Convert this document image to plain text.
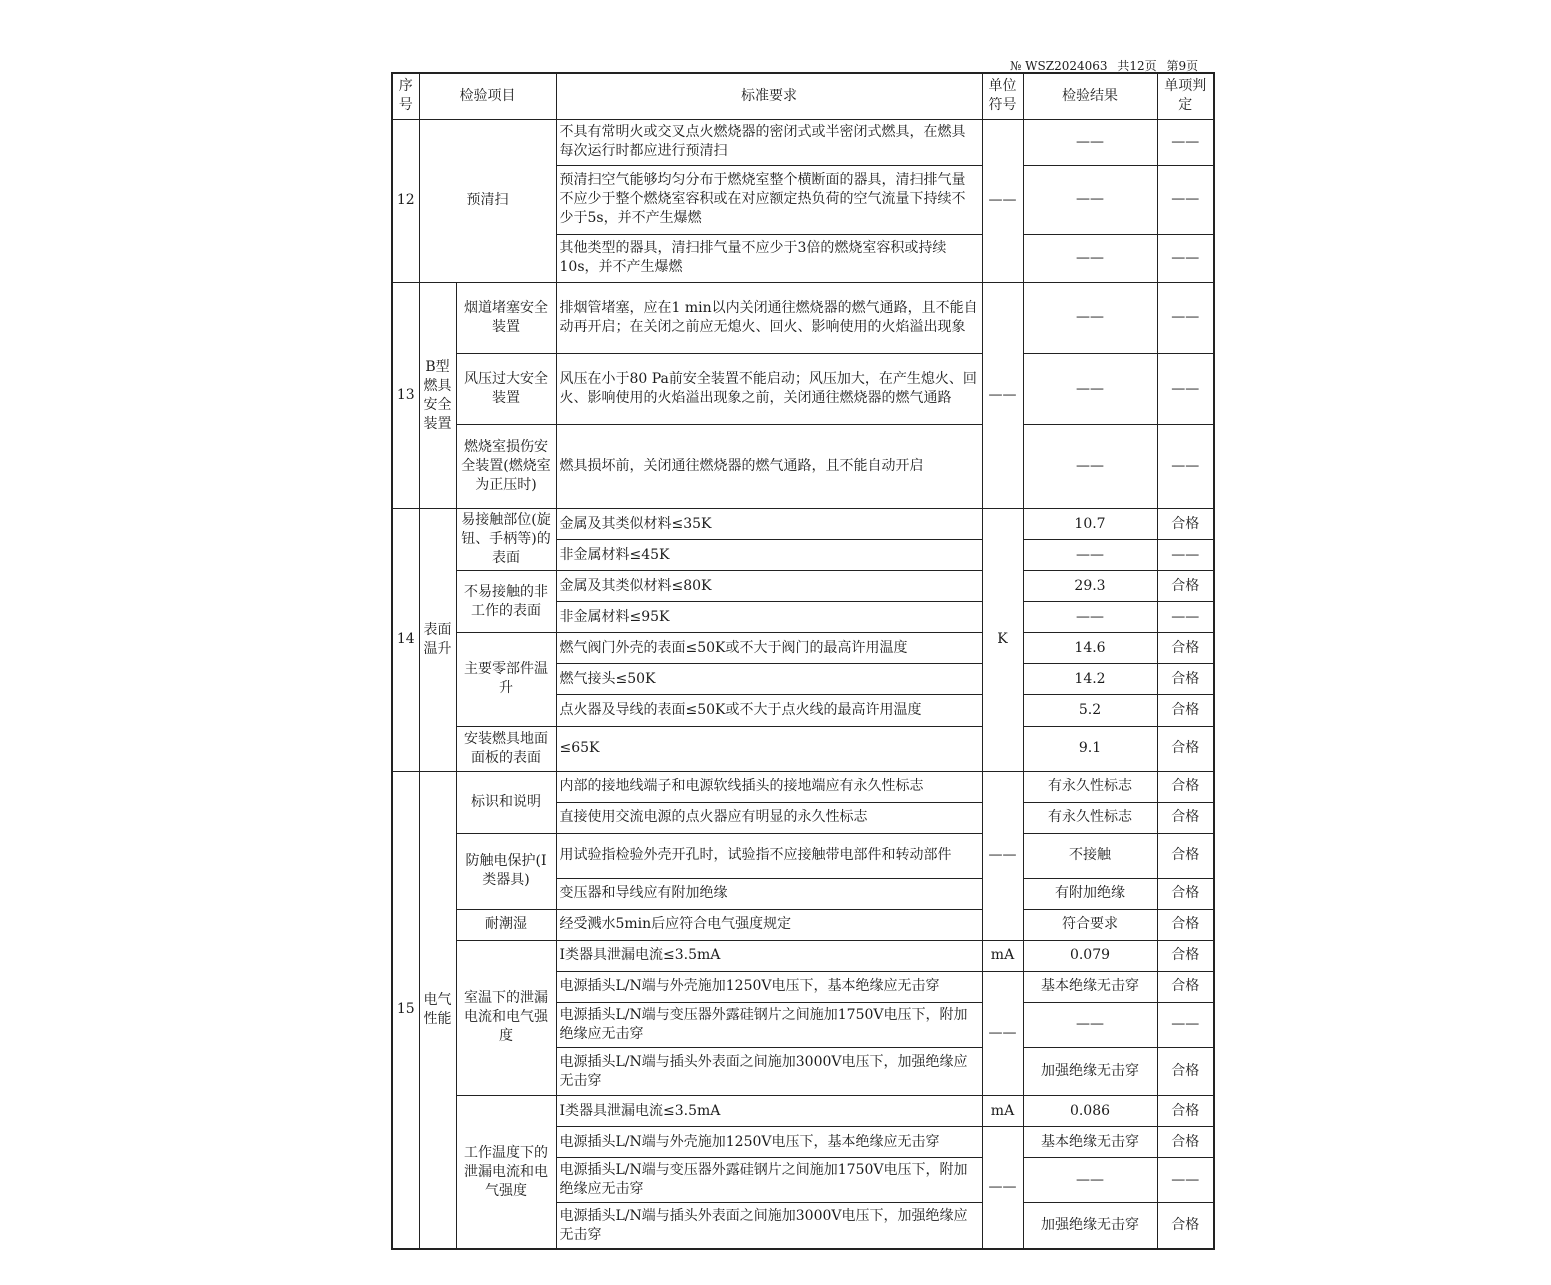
№ WSZ2024063 共12页 第9页
序号	检验项目		标准要求	单位符号	检验结果	单项判定
12	预清扫		不具有常明火或交叉点火燃烧器的密闭式或半密闭式燃具，在燃具每次运行时都应进行预清扫	——	——	——
			预清扫空气能够均匀分布于燃烧室整个横断面的器具，清扫排气量不应少于整个燃烧室容积或在对应额定热负荷的空气流量下持续不少于5s，并不产生爆燃		——	——
			其他类型的器具，清扫排气量不应少于3倍的燃烧室容积或持续10s，并不产生爆燃		——	——
13	B型燃具安全装置	烟道堵塞安全装置	排烟管堵塞，应在1 min以内关闭通往燃烧器的燃气通路，且不能自动再开启；在关闭之前应无熄火、回火、影响使用的火焰溢出现象	——	——	——
		风压过大安全装置	风压在小于80 Pa前安全装置不能启动；风压加大，在产生熄火、回火、影响使用的火焰溢出现象之前，关闭通往燃烧器的燃气通路		——	——
		燃烧室损伤安全装置(燃烧室为正压时)	燃具损坏前，关闭通往燃烧器的燃气通路，且不能自动开启		——	——
14	表面温升	易接触部位(旋钮、手柄等)的表面	金属及其类似材料≤35K	K	10.7	合格
			非金属材料≤45K		——	——
		不易接触的非工作的表面	金属及其类似材料≤80K		29.3	合格
			非金属材料≤95K		——	——
		主要零部件温升	燃气阀门外壳的表面≤50K或不大于阀门的最高许用温度		14.6	合格
			燃气接头≤50K		14.2	合格
			点火器及导线的表面≤50K或不大于点火线的最高许用温度		5.2	合格
		安装燃具地面面板的表面	≤65K		9.1	合格
15	电气性能	标识和说明	内部的接地线端子和电源软线插头的接地端应有永久性标志	——	有永久性标志	合格
			直接使用交流电源的点火器应有明显的永久性标志		有永久性标志	合格
		防触电保护(Ⅰ类器具)	用试验指检验外壳开孔时，试验指不应接触带电部件和转动部件		不接触	合格
			变压器和导线应有附加绝缘		有附加绝缘	合格
		耐潮湿	经受溅水5min后应符合电气强度规定		符合要求	合格
		室温下的泄漏电流和电气强度	Ⅰ类器具泄漏电流≤3.5mA	mA	0.079	合格
			电源插头L/N端与外壳施加1250V电压下，基本绝缘应无击穿	——	基本绝缘无击穿	合格
			电源插头L/N端与变压器外露硅钢片之间施加1750V电压下，附加绝缘应无击穿		——	——
			电源插头L/N端与插头外表面之间施加3000V电压下，加强绝缘应无击穿		加强绝缘无击穿	合格
		工作温度下的泄漏电流和电气强度	Ⅰ类器具泄漏电流≤3.5mA	mA	0.086	合格
			电源插头L/N端与外壳施加1250V电压下，基本绝缘应无击穿	——	基本绝缘无击穿	合格
			电源插头L/N端与变压器外露硅钢片之间施加1750V电压下，附加绝缘应无击穿		——	——
			电源插头L/N端与插头外表面之间施加3000V电压下，加强绝缘应无击穿		加强绝缘无击穿	合格
